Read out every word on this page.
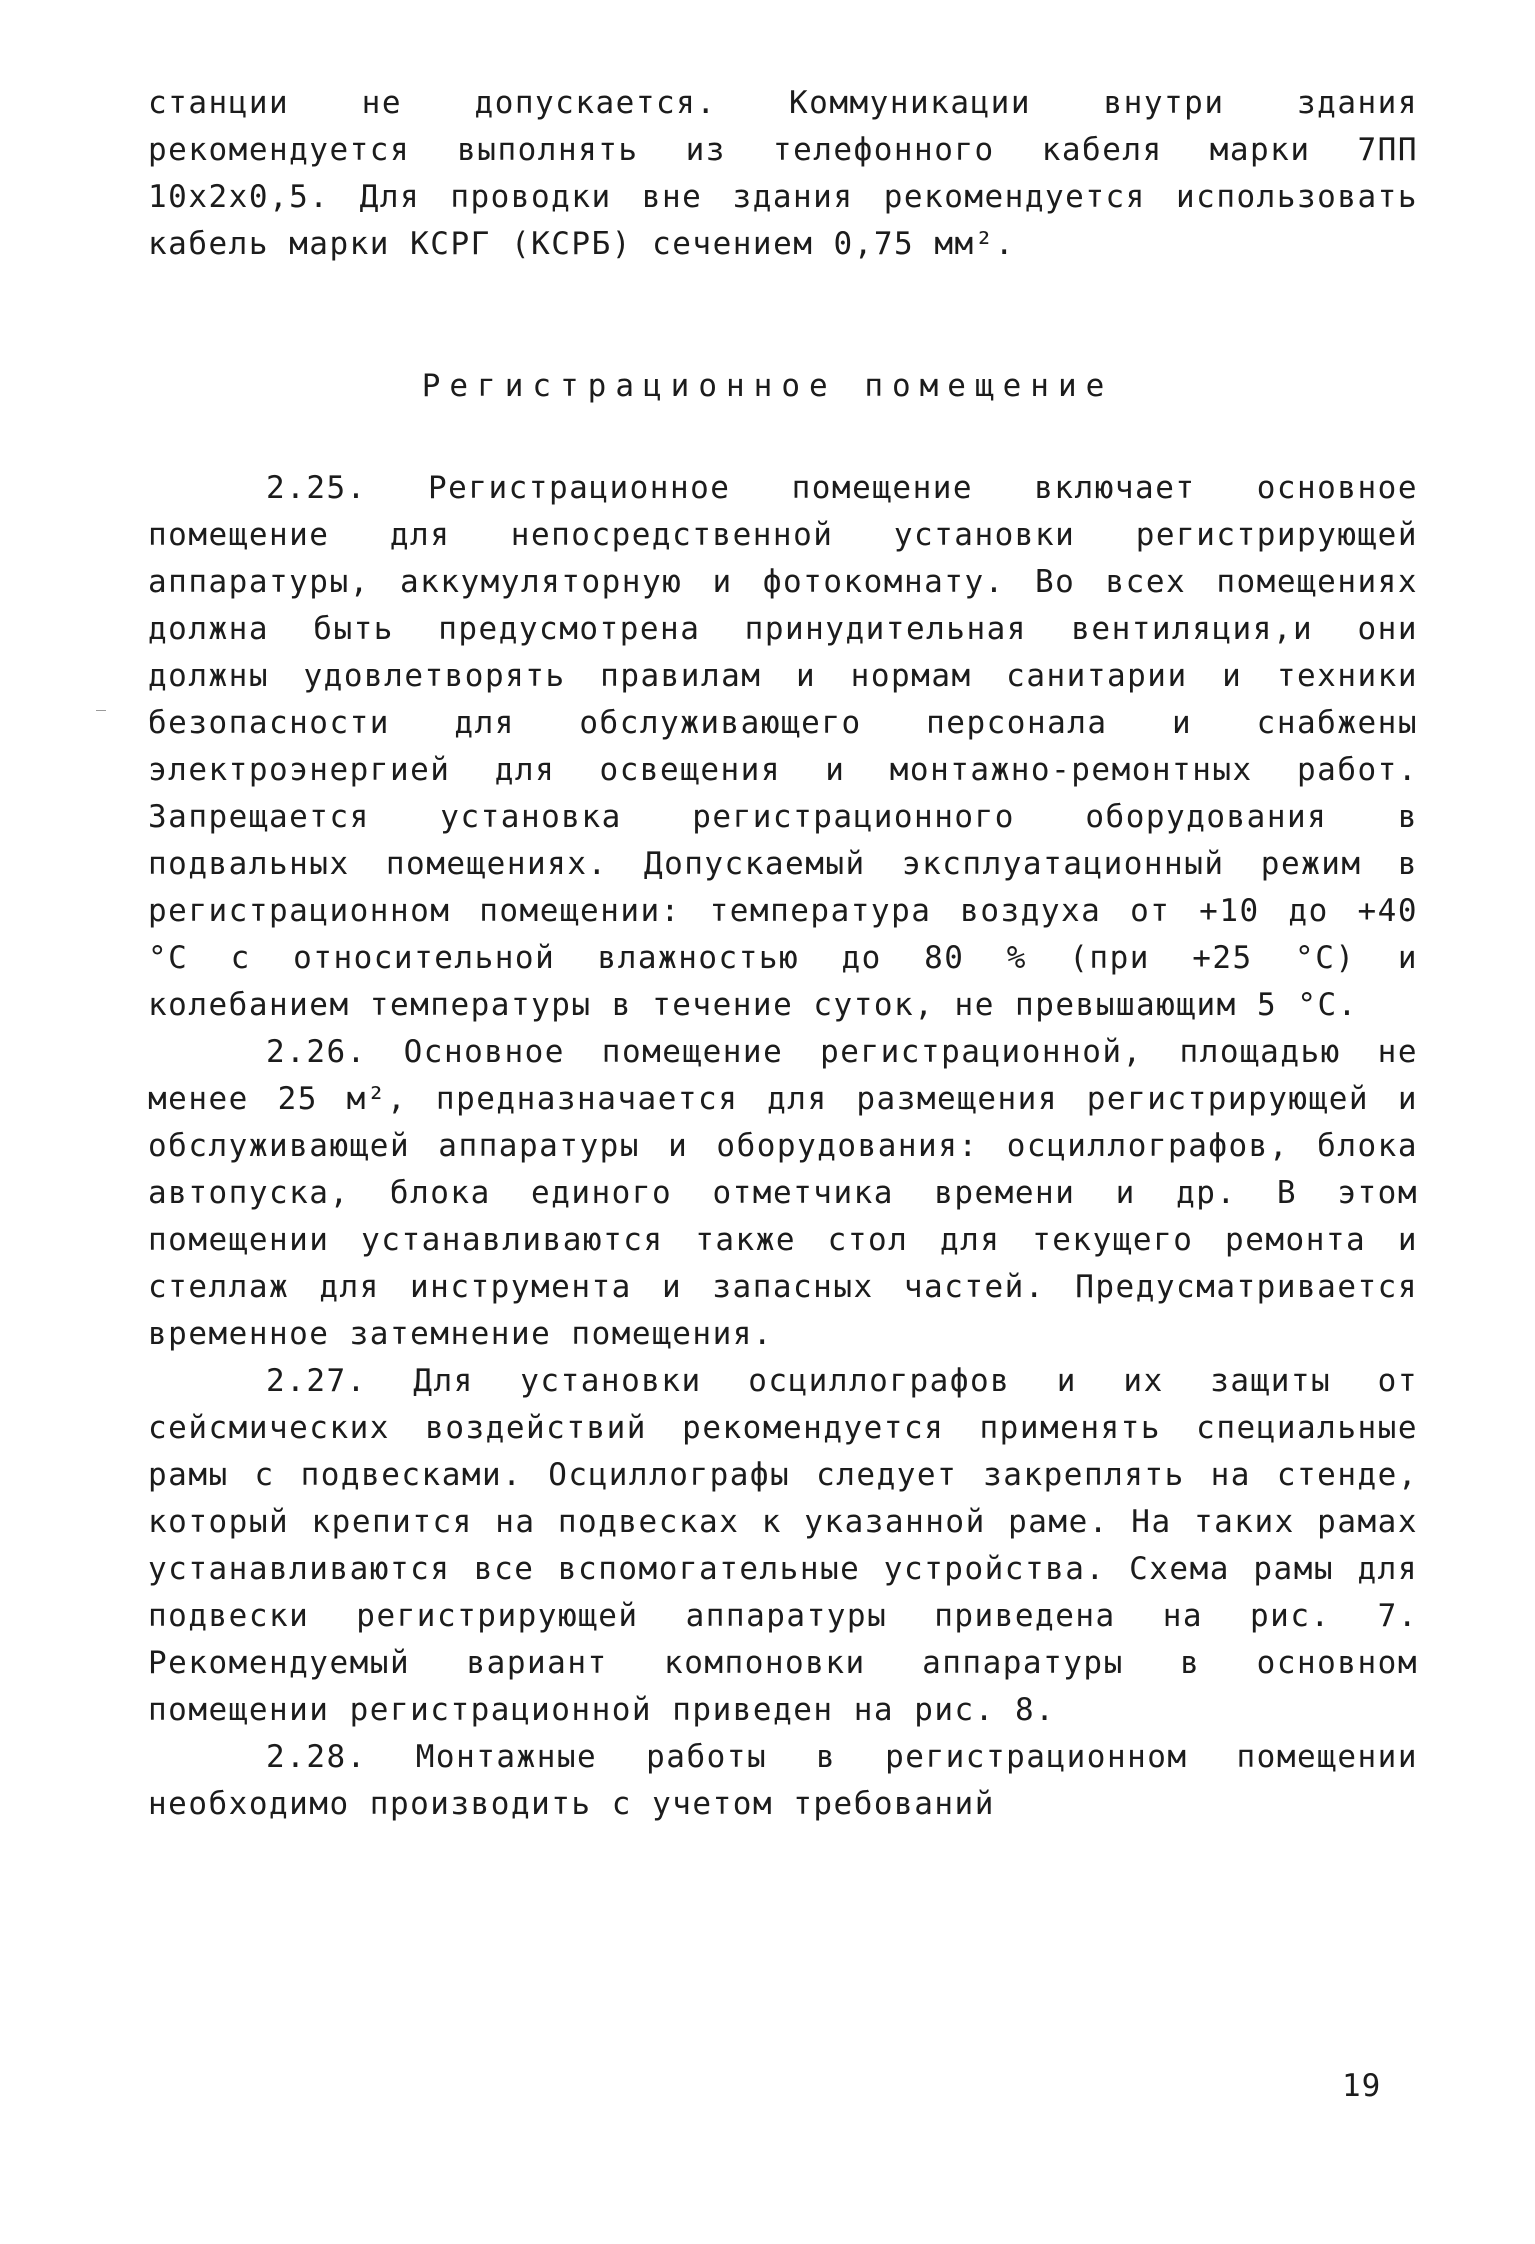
станции не допускается. Коммуникации внутри здания рекомендуется выполнять из телефонного кабеля марки 7ПП 10х2х0,5. Для проводки вне здания рекомендуется использовать кабель марки КСРГ (КСРБ) сечением 0,75 мм².

Регистрационное помещение

2.25. Регистрационное помещение включает основное помещение для непосредственной установки регистрирующей аппаратуры, аккумуляторную и фотокомнату. Во всех помещениях должна быть предусмотрена принудительная вентиляция,и они должны удовлетворять правилам и нормам санитарии и техники безопасности для обслуживающего персонала и снабжены электроэнергией для освещения и монтажно-ремонтных работ. Запрещается установка регистрационного оборудования в подвальных помещениях. Допускаемый эксплуатационный режим в регистрационном помещении: температура воздуха от +10 до +40 °С с относительной влажностью до 80 % (при +25 °С) и колебанием температуры в течение суток, не превышающим 5 °С.

2.26. Основное помещение регистрационной, площадью не менее 25 м², предназначается для размещения регистрирующей и обслуживающей аппаратуры и оборудования: осциллографов, блока автопуска, блока единого отметчика времени и др. В этом помещении устанавливаются также стол для текущего ремонта и стеллаж для инструмента и запасных частей. Предусматривается временное затемнение помещения.

2.27. Для установки осциллографов и их защиты от сейсмических воздействий рекомендуется применять специальные рамы с подвесками. Осциллографы следует закреплять на стенде, который крепится на подвесках к указанной раме. На таких рамах устанавливаются все вспомогательные устройства. Схема рамы для подвески регистрирующей аппаратуры приведена на рис. 7. Рекомендуемый вариант компоновки аппаратуры в основном помещении регистрационной приведен на рис. 8.

2.28. Монтажные работы в регистрационном помещении необходимо производить с учетом требований

19
